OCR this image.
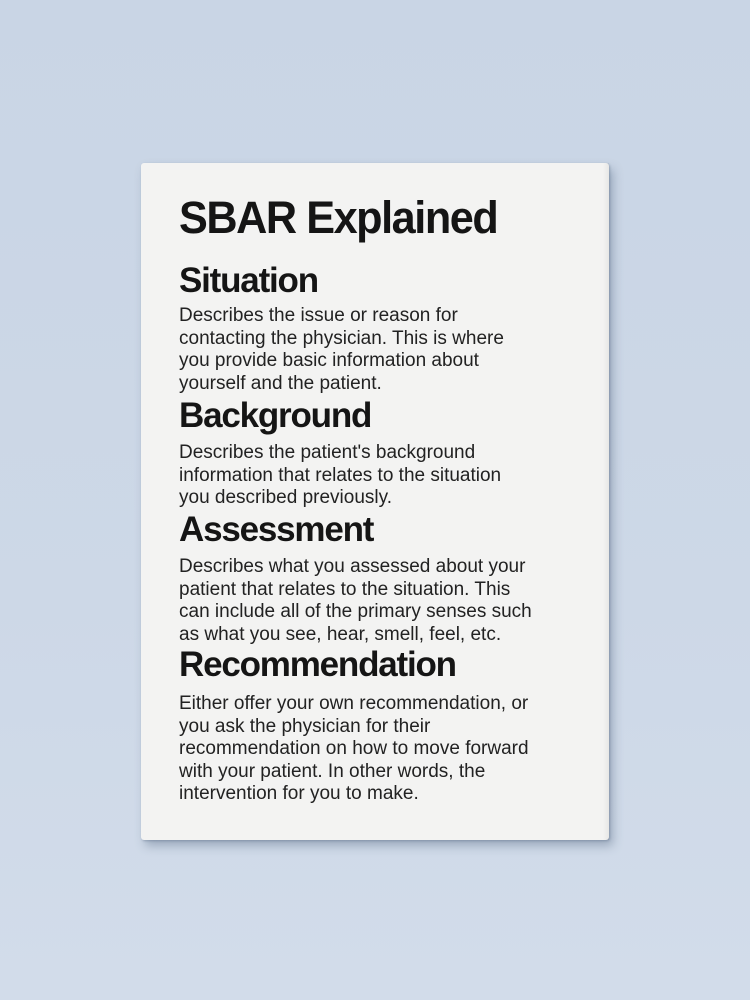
SBAR Explained
Situation
Describes the issue or reason for
contacting the physician. This is where
you provide basic information about
yourself and the patient.
Background
Describes the patient's background
information that relates to the situation
you described previously.
Assessment
Describes what you assessed about your
patient that relates to the situation. This
can include all of the primary senses such
as what you see, hear, smell, feel, etc.
Recommendation
Either offer your own recommendation, or
you ask the physician for their
recommendation on how to move forward
with your patient. In other words, the
intervention for you to make.
